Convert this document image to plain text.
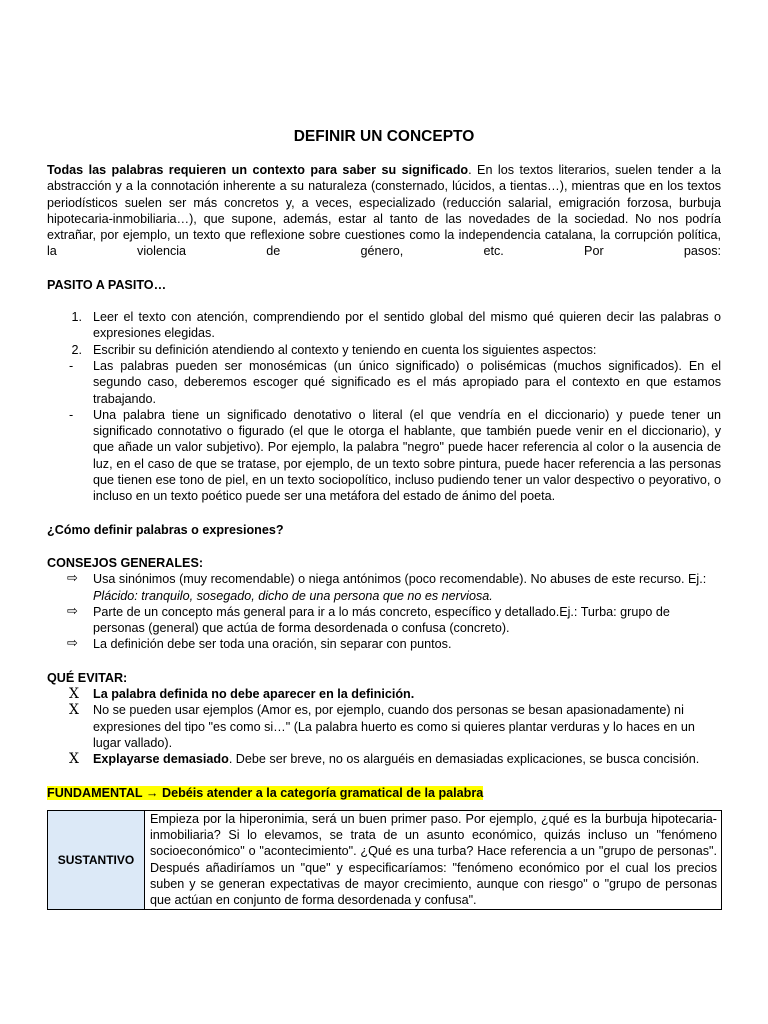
DEFINIR UN CONCEPTO

Todas las palabras requieren un contexto para saber su significado. En los textos literarios, suelen tender a la abstracción y a la connotación inherente a su naturaleza (consternado, lúcidos, a tientas…), mientras que en los textos periodísticos suelen ser más concretos y, a veces, especializado (reducción salarial, emigración forzosa, burbuja hipotecaria-inmobiliaria…), que supone, además, estar al tanto de las novedades de la sociedad. No nos podría extrañar, por ejemplo, un texto que reflexione sobre cuestiones como la independencia catalana, la corrupción política, la violencia de género, etc. Por pasos:

PASITO A PASITO…

1. Leer el texto con atención, comprendiendo por el sentido global del mismo qué quieren decir las palabras o expresiones elegidas.
2. Escribir su definición atendiendo al contexto y teniendo en cuenta los siguientes aspectos:
-	Las palabras pueden ser monosémicas (un único significado) o polisémicas (muchos significados). En el segundo caso, deberemos escoger qué significado es el más apropiado para el contexto en que estamos trabajando.
-	Una palabra tiene un significado denotativo o literal (el que vendría en el diccionario) y puede tener un significado connotativo o figurado (el que le otorga el hablante, que también puede venir en el diccionario), y que añade un valor subjetivo). Por ejemplo, la palabra "negro" puede hacer referencia al color o la ausencia de luz, en el caso de que se tratase, por ejemplo, de un texto sobre pintura, puede hacer referencia a las personas que tienen ese tono de piel, en un texto sociopolítico, incluso pudiendo tener un valor despectivo o peyorativo, o incluso en un texto poético puede ser una metáfora del estado de ánimo del poeta.

¿Cómo definir palabras o expresiones?

CONSEJOS GENERALES:

⇨	Usa sinónimos (muy recomendable) o niega antónimos (poco recomendable). No abuses de este recurso. Ej.: Plácido: tranquilo, sosegado, dicho de una persona que no es nerviosa.
⇨	Parte de un concepto más general para ir a lo más concreto, específico y detallado.Ej.: Turba: grupo de personas (general) que actúa de forma desordenada o confusa (concreto).
⇨	La definición debe ser toda una oración, sin separar con puntos.

QUÉ EVITAR:

X	La palabra definida no debe aparecer en la definición.
X	No se pueden usar ejemplos (Amor es, por ejemplo, cuando dos personas se besan apasionadamente) ni expresiones del tipo "es como si…" (La palabra huerto es como si quieres plantar verduras y lo haces en un lugar vallado).
X	Explayarse demasiado. Debe ser breve, no os alarguéis en demasiadas explicaciones, se busca concisión.

FUNDAMENTAL → Debéis atender a la categoría gramatical de la palabra

SUSTANTIVO	Empieza por la hiperonimia, será un buen primer paso. Por ejemplo, ¿qué es la burbuja hipotecaria-inmobiliaria? Si lo elevamos, se trata de un asunto económico, quizás incluso un "fenómeno socioeconómico" o "acontecimiento". ¿Qué es una turba? Hace referencia a un "grupo de personas". Después añadiríamos un "que" y especificaríamos: "fenómeno económico por el cual los precios suben y se generan expectativas de mayor crecimiento, aunque con riesgo" o "grupo de personas que actúan en conjunto de forma desordenada y confusa".
